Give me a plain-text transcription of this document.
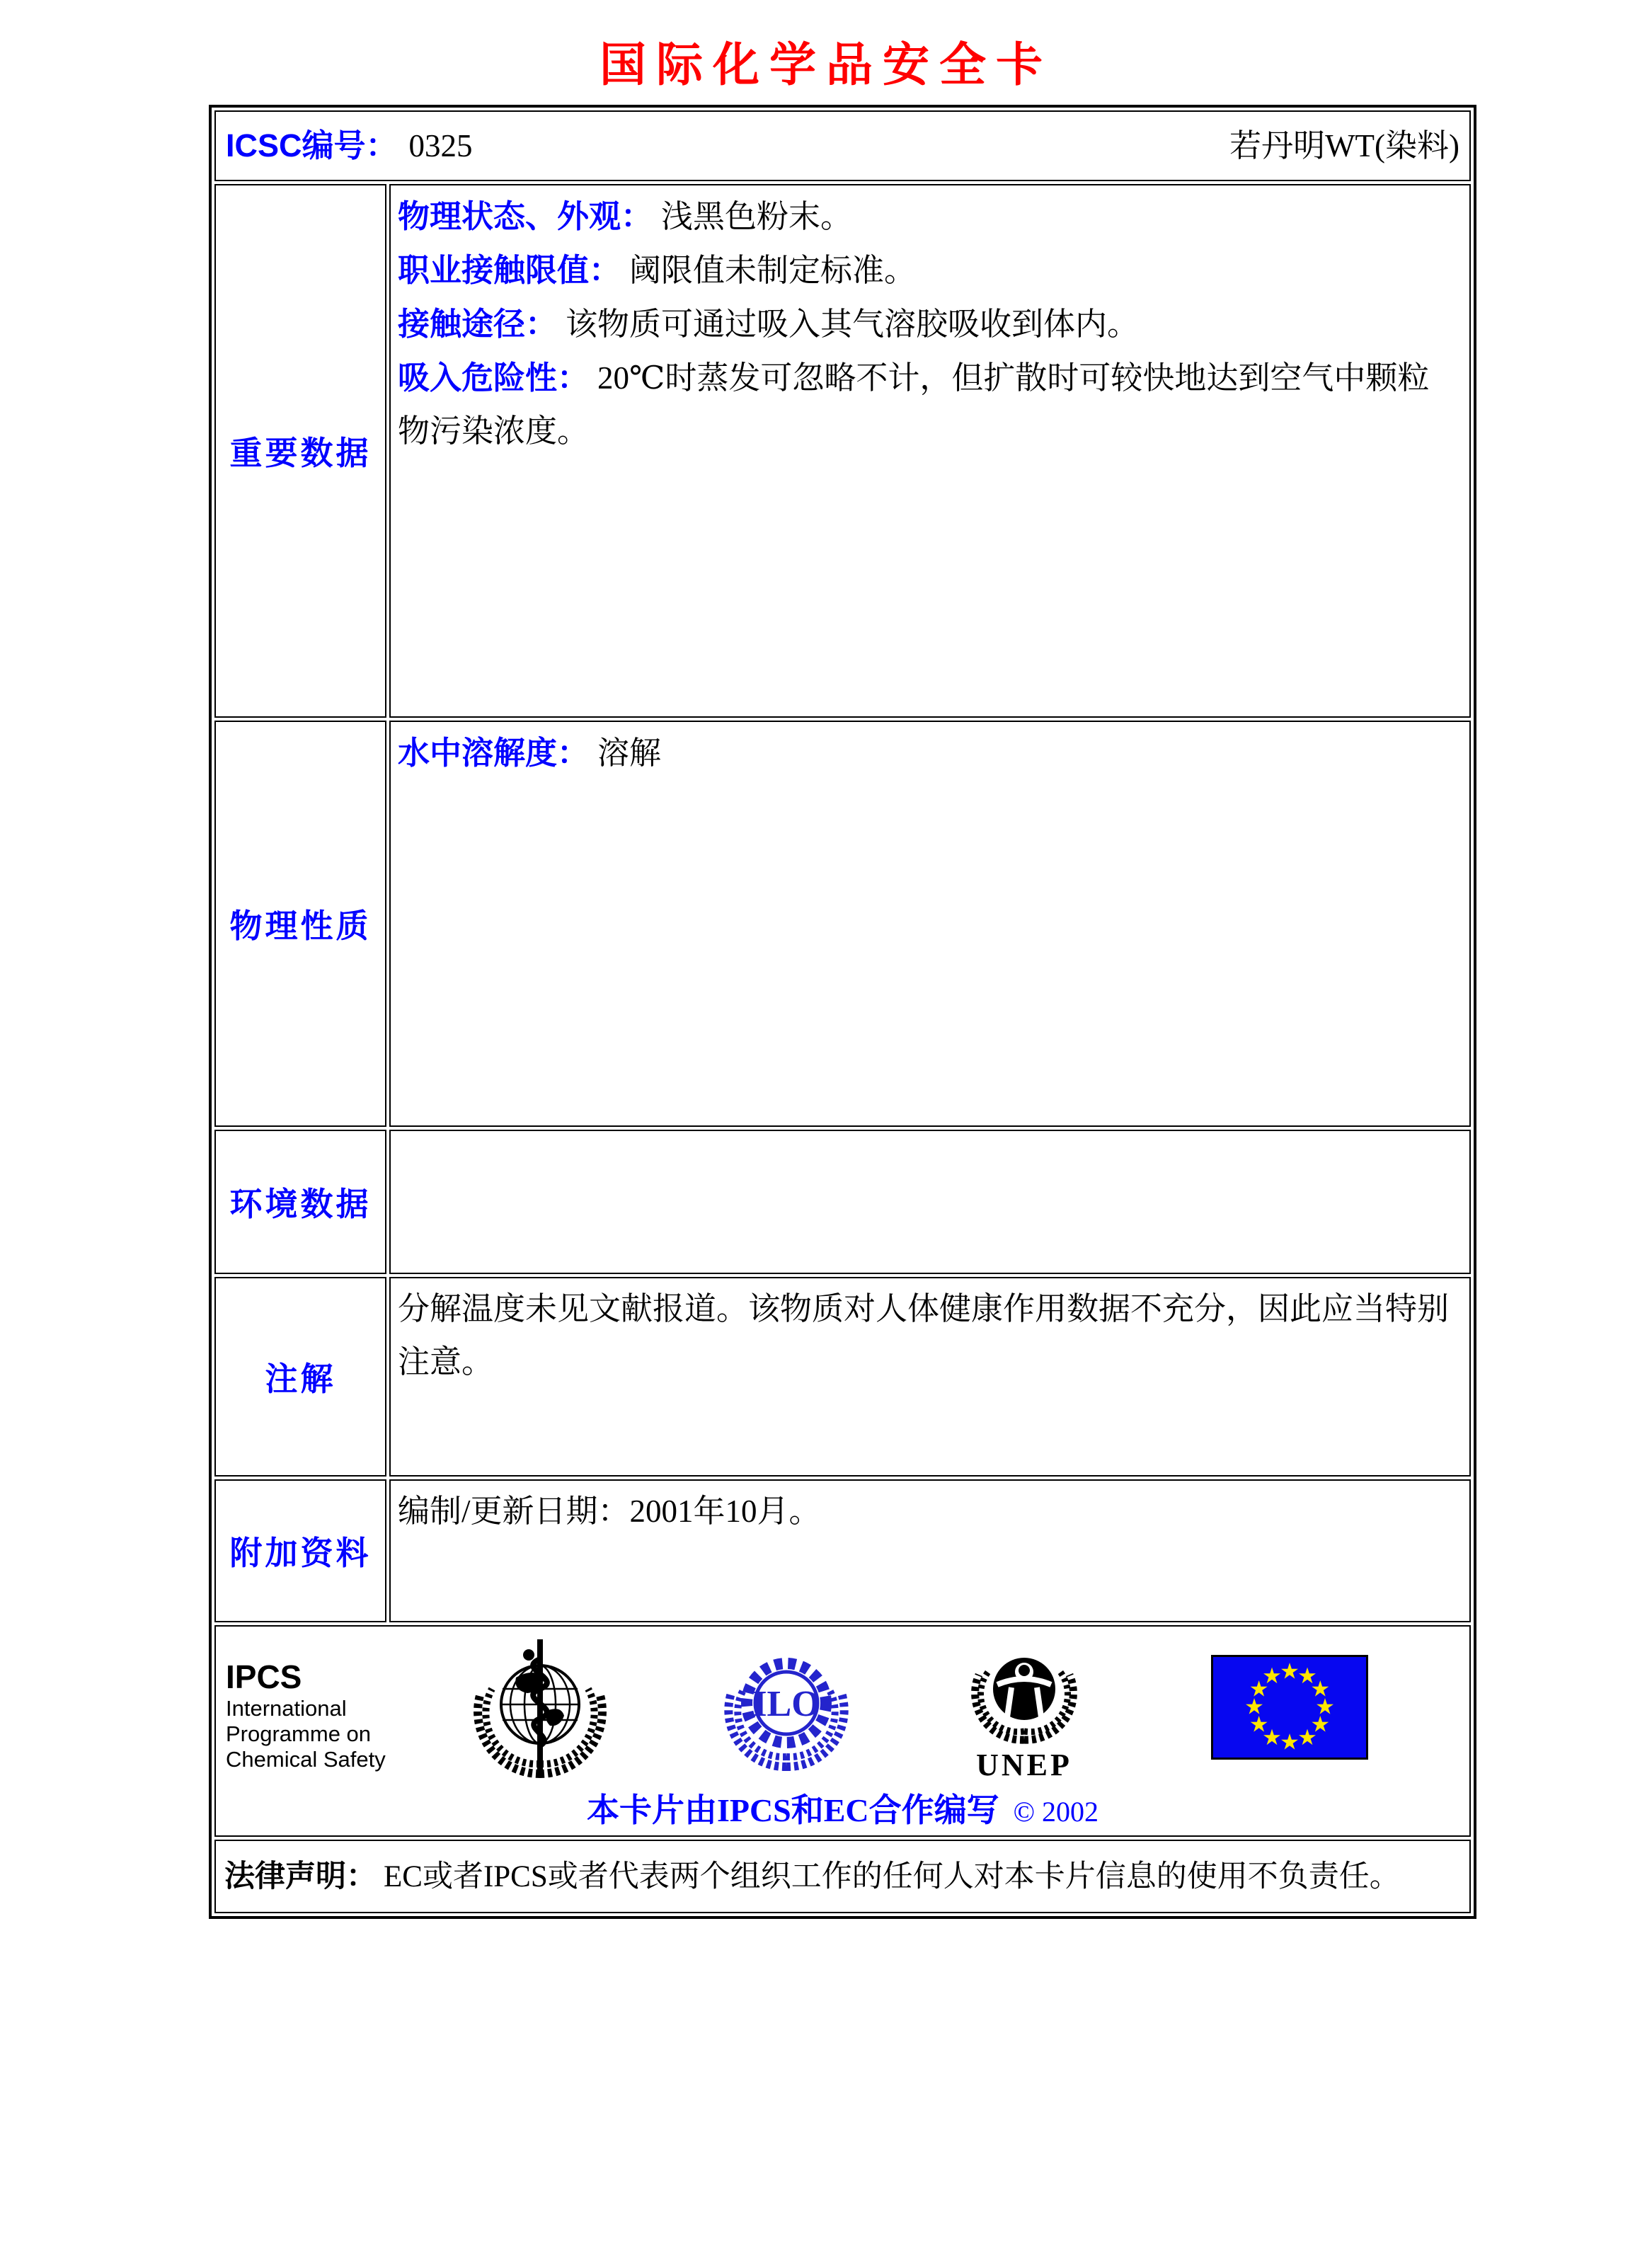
国际化学品安全卡
ICSC编号： 0325 若丹明WT(染料)	

重要数据	物理状态、外观： 浅黑色粉末。
职业接触限值： 阈限值未制定标准。
接触途径： 该物质可通过吸入其气溶胶吸收到体内。
吸入危险性： 20℃时蒸发可忽略不计，但扩散时可较快地达到空气中颗粒物污染浓度。

物理性质	水中溶解度： 溶解

环境数据	
注解	分解温度未见文献报道。该物质对人体健康作用数据不充分，因此应当特别注意。
附加资料	编制/更新日期：2001年10月。

IPCS
International
Programme on
Chemical Safety
ILO
UNEP
★
★
★
★
★
★
★
★
★
★
★
★
本卡片由IPCS和EC合作编写 © 2002

法律声明： EC或者IPCS或者代表两个组织工作的任何人对本卡片信息的使用不负责任。	
